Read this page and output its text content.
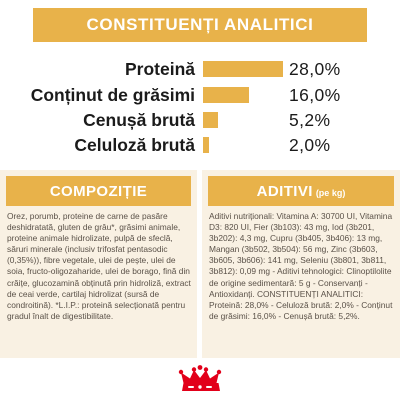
CONSTITUENȚI ANALITICI
Proteină	28,0%
Conținut de grăsimi	16,0%
Cenușă brută	5,2%
Celuloză brută	2,0%
COMPOZIȚIE
Orez, porumb, proteine de carne de pasăre deshidratată, gluten de grâu*, grăsimi animale, proteine animale hidrolizate, pulpă de sfeclă, săruri minerale (inclusiv trifosfat pentasodic (0,35%)), fibre vegetale, ulei de pește, ulei de soia, fructo-oligozaharide, ulei de borago, fină din crăițe, glucozamină obținută prin hidroliză, extract de ceai verde, cartilaj hidrolizat (sursă de condroitină). *L.I.P.: proteină selecționată pentru gradul înalt de digestibilitate.
ADITIVI (pe kg)
Aditivi nutriționali: Vitamina A: 30700 UI, Vitamina D3: 820 UI, Fier (3b103): 43 mg, Iod (3b201, 3b202): 4,3 mg, Cupru (3b405, 3b406): 13 mg, Mangan (3b502, 3b504): 56 mg, Zinc (3b603, 3b605, 3b606): 141 mg, Seleniu (3b801, 3b811, 3b812): 0,09 mg - Aditivi tehnologici: Clinoptilolite de origine sedimentară: 5 g - Conservanți - Antioxidanți. CONSTITUENȚI ANALITICI: Proteină: 28,0% - Celuloză brută: 2,0% - Conținut de grăsimi: 16,0% - Cenușă brută: 5,2%.
